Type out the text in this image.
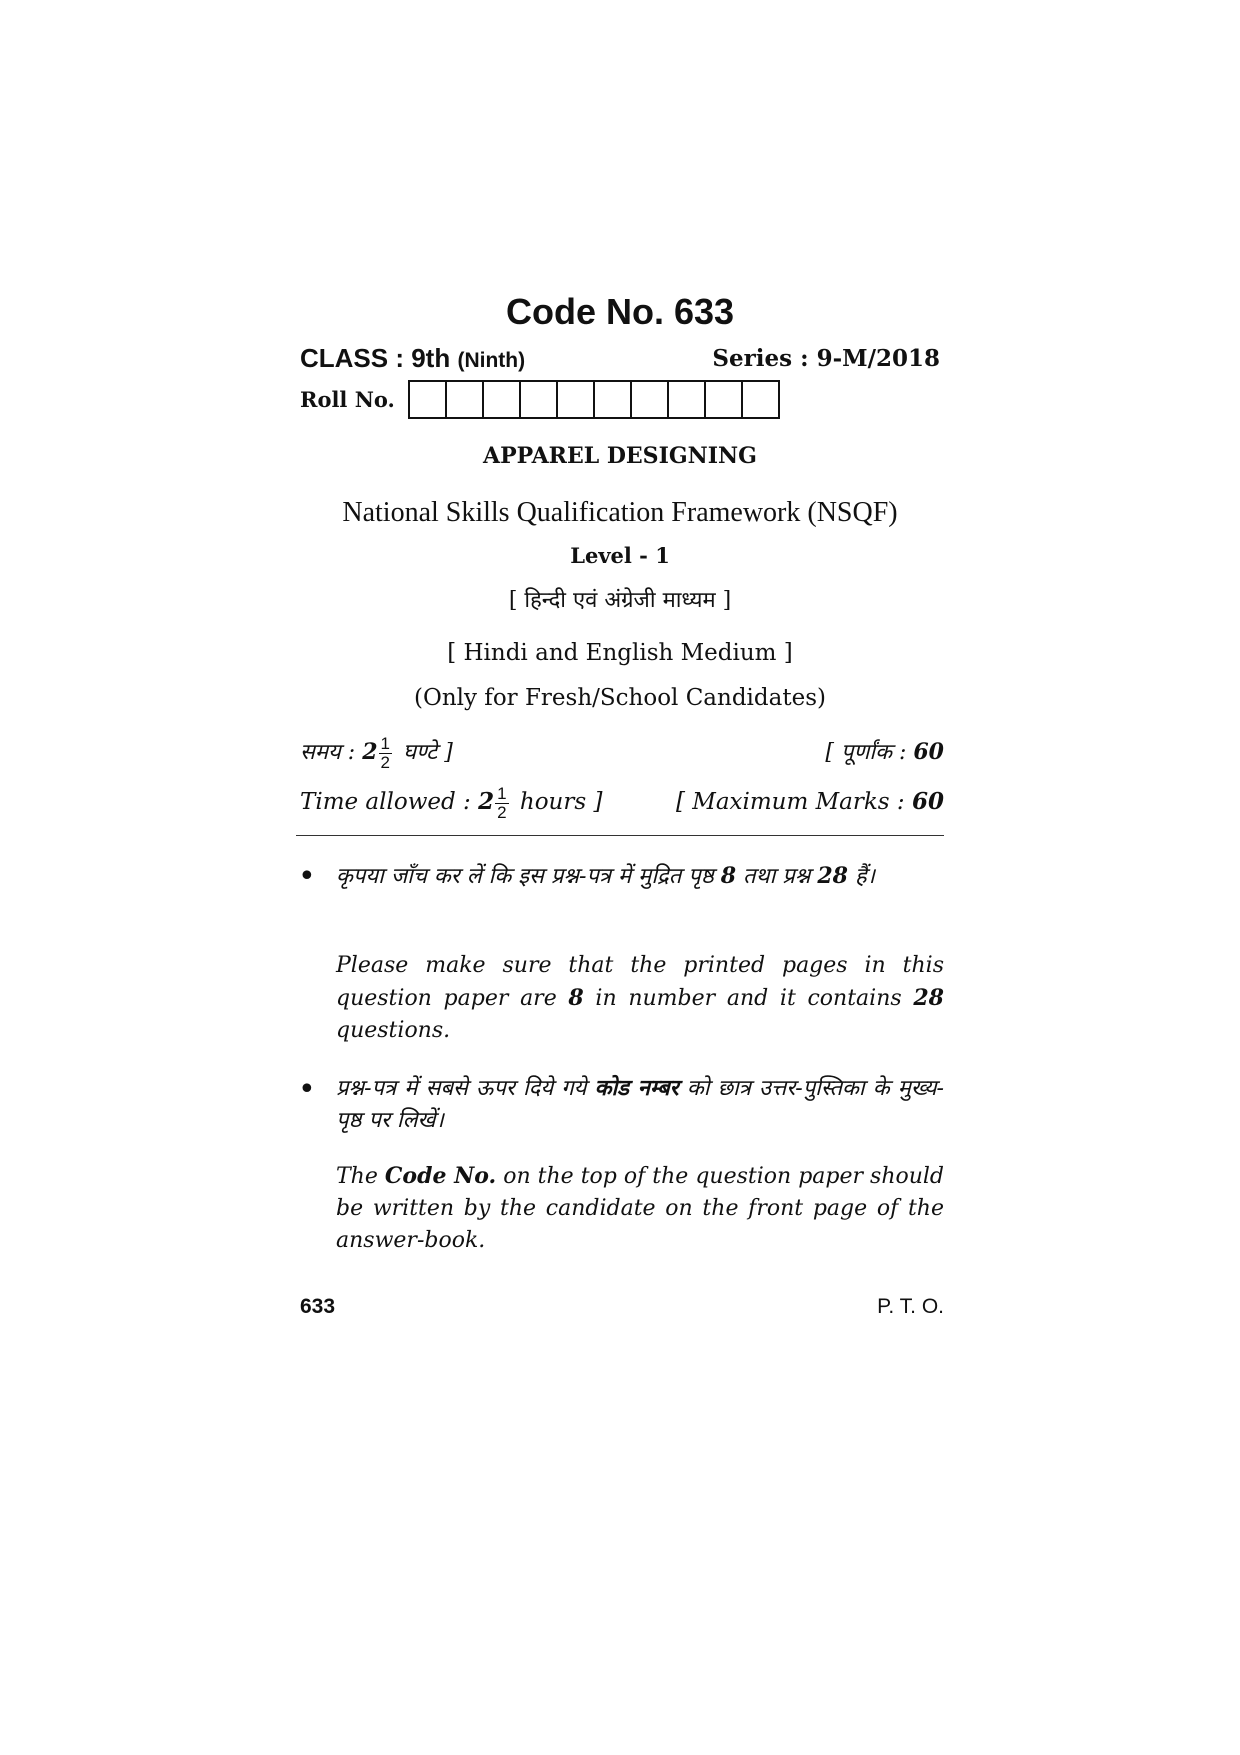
Code No. 633
CLASS : 9th (Ninth)	Series : 9-M/2018
Roll No.
APPAREL DESIGNING
National Skills Qualification Framework (NSQF)
Level - 1
[ हिन्दी एवं अंग्रेजी माध्यम ]
[ Hindi and English Medium ]
(Only for Fresh/School Candidates)
समय : $2 \frac{1}{2}$ घण्टे ]	[ पूर्णांक : 60
Time allowed : $2 \frac{1}{2}$ hours ]	[ Maximum Marks : 60
• कृपया जाँच कर लें कि इस प्रश्न-पत्र में मुद्रित पृष्ठ 8 तथा प्रश्न 28 हैं।
Please make sure that the printed pages in this question paper are 8 in number and it contains 28 questions.
• प्रश्न-पत्र में सबसे ऊपर दिये गये कोड नम्बर को छात्र उत्तर-पुस्तिका के मुख्य-पृष्ठ पर लिखें।
The Code No. on the top of the question paper should be written by the candidate on the front page of the answer-book.
633	P. T. O.
